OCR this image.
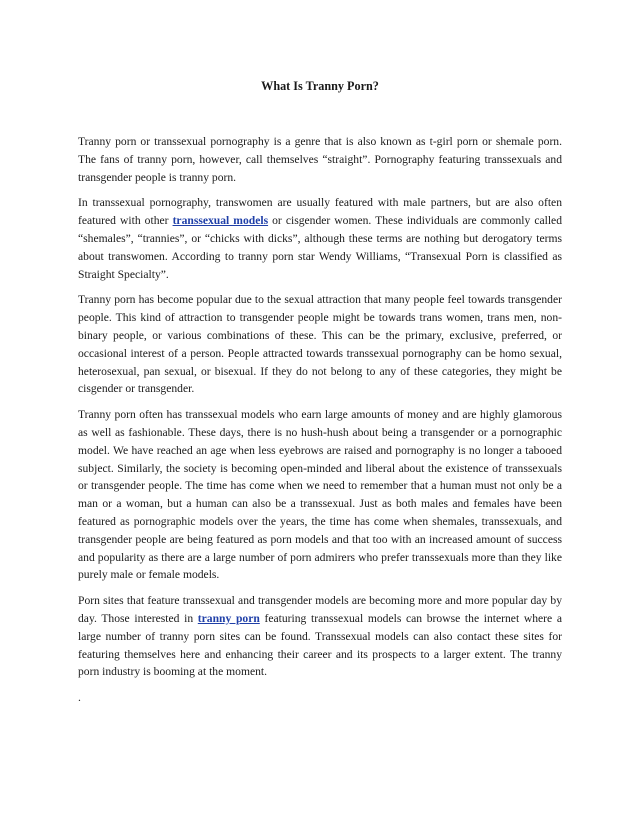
What Is Tranny Porn?

Tranny porn or transsexual pornography is a genre that is also known as t-girl porn or shemale porn. The fans of tranny porn, however, call themselves “straight”. Pornography featuring transsexuals and transgender people is tranny porn.

In transsexual pornography, transwomen are usually featured with male partners, but are also often featured with other transsexual models or cisgender women. These individuals are commonly called “shemales”, “trannies”, or “chicks with dicks”, although these terms are nothing but derogatory terms about transwomen. According to tranny porn star Wendy Williams, “Transexual Porn is classified as Straight Specialty”.

Tranny porn has become popular due to the sexual attraction that many people feel towards transgender people. This kind of attraction to transgender people might be towards trans women, trans men, non-binary people, or various combinations of these. This can be the primary, exclusive, preferred, or occasional interest of a person. People attracted towards transsexual pornography can be homo sexual, heterosexual, pan sexual, or bisexual. If they do not belong to any of these categories, they might be cisgender or transgender.

Tranny porn often has transsexual models who earn large amounts of money and are highly glamorous as well as fashionable. These days, there is no hush-hush about being a transgender or a pornographic model. We have reached an age when less eyebrows are raised and pornography is no longer a tabooed subject. Similarly, the society is becoming open-minded and liberal about the existence of transsexuals or transgender people. The time has come when we need to remember that a human must not only be a man or a woman, but a human can also be a transsexual. Just as both males and females have been featured as pornographic models over the years, the time has come when shemales, transsexuals, and transgender people are being featured as porn models and that too with an increased amount of success and popularity as there are a large number of porn admirers who prefer transsexuals more than they like purely male or female models.

Porn sites that feature transsexual and transgender models are becoming more and more popular day by day. Those interested in tranny porn featuring transsexual models can browse the internet where a large number of tranny porn sites can be found. Transsexual models can also contact these sites for featuring themselves here and enhancing their career and its prospects to a larger extent. The tranny porn industry is booming at the moment.

.
